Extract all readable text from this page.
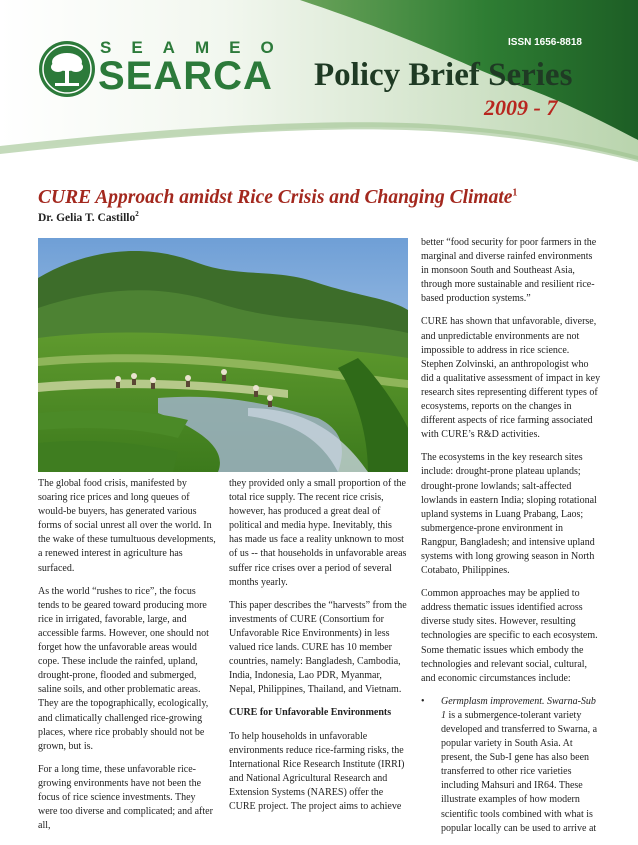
SEAMEO
SEARCA
ISSN 1656-8818
Policy Brief Series
2009 - 7
CURE Approach amidst Rice Crisis and Changing Climate$^1$
Dr. Gelia T. Castillo$^2$

The global food crisis, manifested by soaring rice prices and long queues of would-be buyers, has generated various forms of social unrest all over the world. In the wake of these tumultuous developments, a renewed interest in agriculture has surfaced.

As the world “rushes to rice”, the focus tends to be geared toward producing more rice in irrigated, favorable, large, and accessible farms. However, one should not forget how the unfavorable areas would cope. These include the rainfed, upland, drought-prone, flooded and submerged, saline soils, and other problematic areas. They are the topographically, ecologically, and climatically challenged rice-growing places, where rice probably should not be grown, but is.

For a long time, these unfavorable rice-growing environments have not been the focus of rice science investments. They were too diverse and complicated; and after all,

they provided only a small proportion of the total rice supply. The recent rice crisis, however, has produced a great deal of political and media hype. Inevitably, this has made us face a reality unknown to most of us -- that households in unfavorable areas suffer rice crises over a period of several months yearly.

This paper describes the “harvests” from the investments of CURE (Consortium for Unfavorable Rice Environments) in less valued rice lands. CURE has 10 member countries, namely: Bangladesh, Cambodia, India, Indonesia, Lao PDR, Myanmar, Nepal, Philippines, Thailand, and Vietnam.

CURE for Unfavorable Environments

To help households in unfavorable environments reduce rice-farming risks, the International Rice Research Institute (IRRI) and National Agricultural Research and Extension Systems (NARES) offer the CURE project. The project aims to achieve

better “food security for poor farmers in the marginal and diverse rainfed environments in monsoon South and Southeast Asia, through more sustainable and resilient rice-based production systems.”

CURE has shown that unfavorable, diverse, and unpredictable environments are not impossible to address in rice science. Stephen Zolvinski, an anthropologist who did a qualitative assessment of impact in key research sites representing different types of ecosystems, reports on the changes in different aspects of rice farming associated with CURE’s R&D activities.

The ecosystems in the key research sites include: drought-prone plateau uplands; drought-prone lowlands; salt-affected lowlands in eastern India; sloping rotational upland systems in Luang Prabang, Laos; submergence-prone environment in Rangpur, Bangladesh; and intensive upland systems with long growing season in North Cotabato, Philippines.

Common approaches may be applied to address thematic issues identified across diverse study sites. However, resulting technologies are specific to each ecosystem. Some thematic issues which embody the technologies and relevant social, cultural, and economic circumstances include:

• Germplasm improvement. Swarna-Sub 1 is a submergence-tolerant variety developed and transferred to Swarna, a popular variety in South Asia. At present, the Sub-I gene has also been transferred to other rice varieties including Mahsuri and IR64. These illustrate examples of how modern scientific tools combined with what is popular locally can be used to arrive at
